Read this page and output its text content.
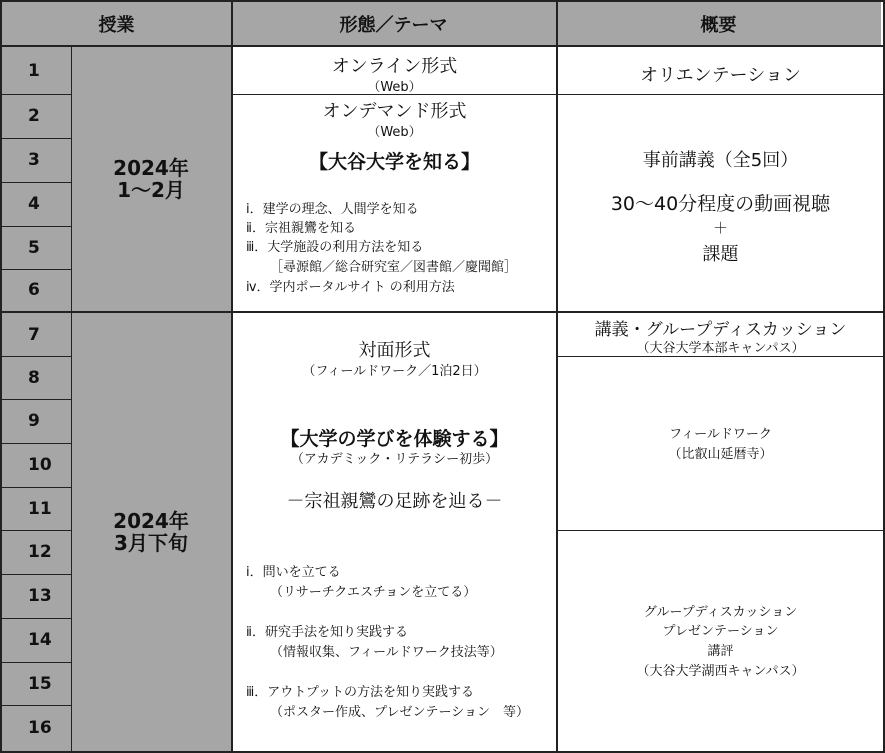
授業	形態／テーマ	概要
1
2
3
4
5
6
7
8
9
10
11
12
13
14
15
16
2024年
1〜2月
2024年
3月下旬
オンライン形式
（Web）
オリエンテーション
オンデマンド形式
（Web）
【大谷大学を知る】
ⅰ．建学の理念、人間学を知る
ⅱ．宗祖親鸞を知る
ⅲ．大学施設の利用方法を知る
［尋源館／総合研究室／図書館／慶聞館］
ⅳ．学内ポータルサイト の利用方法
事前講義（全5回）
30〜40分程度の動画視聴
＋
課題
対面形式
（フィールドワーク／1泊2日）
【大学の学びを体験する】
（アカデミック・リテラシー初歩）
－宗祖親鸞の足跡を辿る－
ⅰ．問いを立てる
（リサーチクエスチョンを立てる）
ⅱ．研究手法を知り実践する
（情報収集、フィールドワーク技法等）
ⅲ．アウトプットの方法を知り実践する
（ポスター作成、プレゼンテーション　等）
講義・グループディスカッション
（大谷大学本部キャンパス）
フィールドワーク
（比叡山延暦寺）
グループディスカッション
プレゼンテーション
講評
（大谷大学湖西キャンパス）
